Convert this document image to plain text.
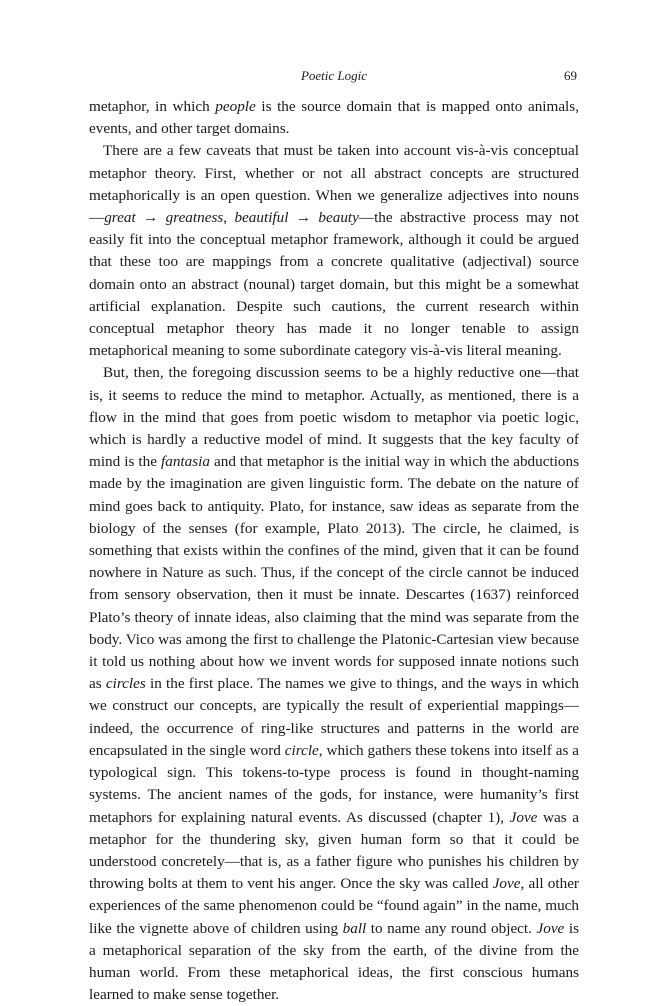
Poetic Logic	69

metaphor, in which people is the source domain that is mapped onto animals, events, and other target domains.

There are a few caveats that must be taken into account vis-à-vis conceptual metaphor theory. First, whether or not all abstract concepts are structured metaphorically is an open question. When we generalize adjectives into nouns—great → greatness, beautiful → beauty—the abstractive process may not easily fit into the conceptual metaphor framework, although it could be argued that these too are mappings from a concrete qualitative (adjectival) source domain onto an abstract (nounal) target domain, but this might be a somewhat artificial explanation. Despite such cautions, the current research within conceptual metaphor theory has made it no longer tenable to assign metaphorical meaning to some subordinate category vis-à-vis literal meaning.

But, then, the foregoing discussion seems to be a highly reductive one—that is, it seems to reduce the mind to metaphor. Actually, as mentioned, there is a flow in the mind that goes from poetic wisdom to metaphor via poetic logic, which is hardly a reductive model of mind. It suggests that the key faculty of mind is the fantasia and that metaphor is the initial way in which the abductions made by the imagination are given linguistic form. The debate on the nature of mind goes back to antiquity. Plato, for instance, saw ideas as separate from the biology of the senses (for example, Plato 2013). The circle, he claimed, is something that exists within the confines of the mind, given that it can be found nowhere in Nature as such. Thus, if the concept of the circle cannot be induced from sensory observation, then it must be innate. Descartes (1637) reinforced Plato’s theory of innate ideas, also claiming that the mind was separate from the body. Vico was among the first to challenge the Platonic-Cartesian view because it told us nothing about how we invent words for supposed innate notions such as circles in the first place. The names we give to things, and the ways in which we construct our concepts, are typically the result of experiential mappings—indeed, the occurrence of ring-like structures and patterns in the world are encapsulated in the single word circle, which gathers these tokens into itself as a typological sign. This tokens-to-type process is found in thought-naming systems. The ancient names of the gods, for instance, were humanity’s first metaphors for explaining natural events. As discussed (chapter 1), Jove was a metaphor for the thundering sky, given human form so that it could be understood concretely—that is, as a father figure who punishes his children by throwing bolts at them to vent his anger. Once the sky was called Jove, all other experiences of the same phenomenon could be “found again” in the name, much like the vignette above of children using ball to name any round object. Jove is a metaphorical separation of the sky from the earth, of the divine from the human world. From these metaphorical ideas, the first conscious humans learned to make sense together.
